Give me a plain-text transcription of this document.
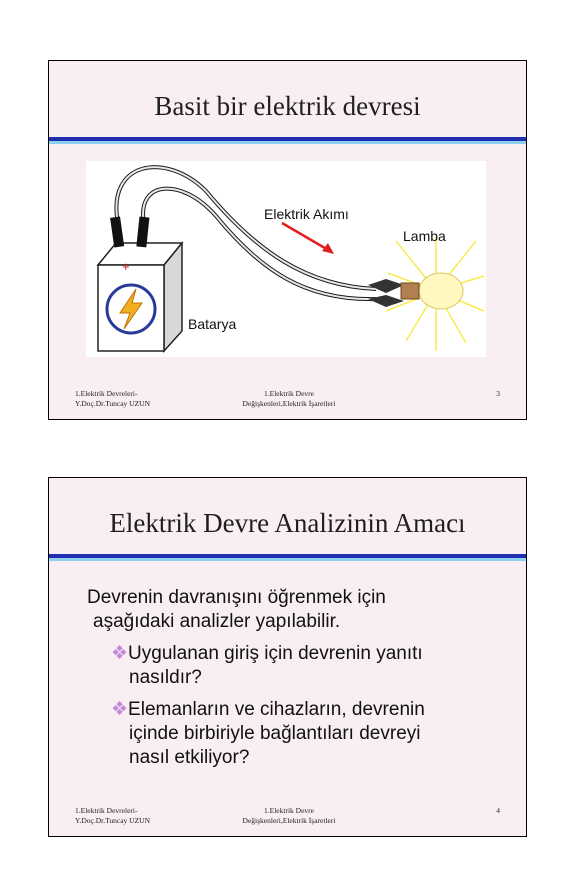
Basit bir elektrik devresi
+
-
Elektrik Akımı
Lamba
Batarya
1.Elektrik Devreleri-
Y.Doç.Dr.Tuncay UZUN
1.Elektrik Devre
Değişkenleri,Elektrik İşaretleri
3
Elektrik Devre Analizinin Amacı
Devrenin davranışını öğrenmek için
aşağıdaki analizler yapılabilir.
❖Uygulanan giriş için devrenin yanıtı
nasıldır?
❖Elemanların ve cihazların, devrenin
içinde birbiriyle bağlantıları devreyi
nasıl etkiliyor?
1.Elektrik Devreleri-
Y.Doç.Dr.Tuncay UZUN
1.Elektrik Devre
Değişkenleri,Elektrik İşaretleri
4
